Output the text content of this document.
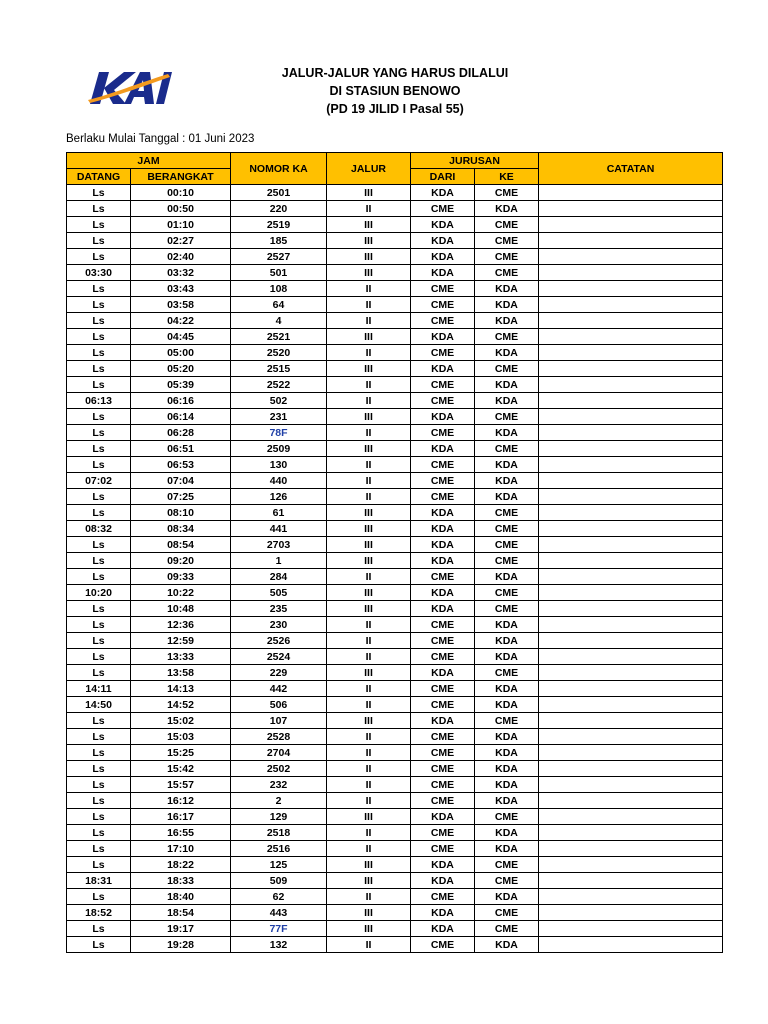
JALUR-JALUR YANG HARUS DILALUI
DI STASIUN BENOWO
(PD 19 JILID I Pasal 55)
Berlaku Mulai Tanggal : 01 Juni 2023
JAM		NOMOR KA	JALUR	JURUSAN		CATATAN
DATANG	BERANGKAT			DARI	KE	
Ls	00:10	2501	III	KDA	CME	
Ls	00:50	220	II	CME	KDA	
Ls	01:10	2519	III	KDA	CME	
Ls	02:27	185	III	KDA	CME	
Ls	02:40	2527	III	KDA	CME	
03:30	03:32	501	III	KDA	CME	
Ls	03:43	108	II	CME	KDA	
Ls	03:58	64	II	CME	KDA	
Ls	04:22	4	II	CME	KDA	
Ls	04:45	2521	III	KDA	CME	
Ls	05:00	2520	II	CME	KDA	
Ls	05:20	2515	III	KDA	CME	
Ls	05:39	2522	II	CME	KDA	
06:13	06:16	502	II	CME	KDA	
Ls	06:14	231	III	KDA	CME	
Ls	06:28	78F	II	CME	KDA	
Ls	06:51	2509	III	KDA	CME	
Ls	06:53	130	II	CME	KDA	
07:02	07:04	440	II	CME	KDA	
Ls	07:25	126	II	CME	KDA	
Ls	08:10	61	III	KDA	CME	
08:32	08:34	441	III	KDA	CME	
Ls	08:54	2703	III	KDA	CME	
Ls	09:20	1	III	KDA	CME	
Ls	09:33	284	II	CME	KDA	
10:20	10:22	505	III	KDA	CME	
Ls	10:48	235	III	KDA	CME	
Ls	12:36	230	II	CME	KDA	
Ls	12:59	2526	II	CME	KDA	
Ls	13:33	2524	II	CME	KDA	
Ls	13:58	229	III	KDA	CME	
14:11	14:13	442	II	CME	KDA	
14:50	14:52	506	II	CME	KDA	
Ls	15:02	107	III	KDA	CME	
Ls	15:03	2528	II	CME	KDA	
Ls	15:25	2704	II	CME	KDA	
Ls	15:42	2502	II	CME	KDA	
Ls	15:57	232	II	CME	KDA	
Ls	16:12	2	II	CME	KDA	
Ls	16:17	129	III	KDA	CME	
Ls	16:55	2518	II	CME	KDA	
Ls	17:10	2516	II	CME	KDA	
Ls	18:22	125	III	KDA	CME	
18:31	18:33	509	III	KDA	CME	
Ls	18:40	62	II	CME	KDA	
18:52	18:54	443	III	KDA	CME	
Ls	19:17	77F	III	KDA	CME	
Ls	19:28	132	II	CME	KDA	
